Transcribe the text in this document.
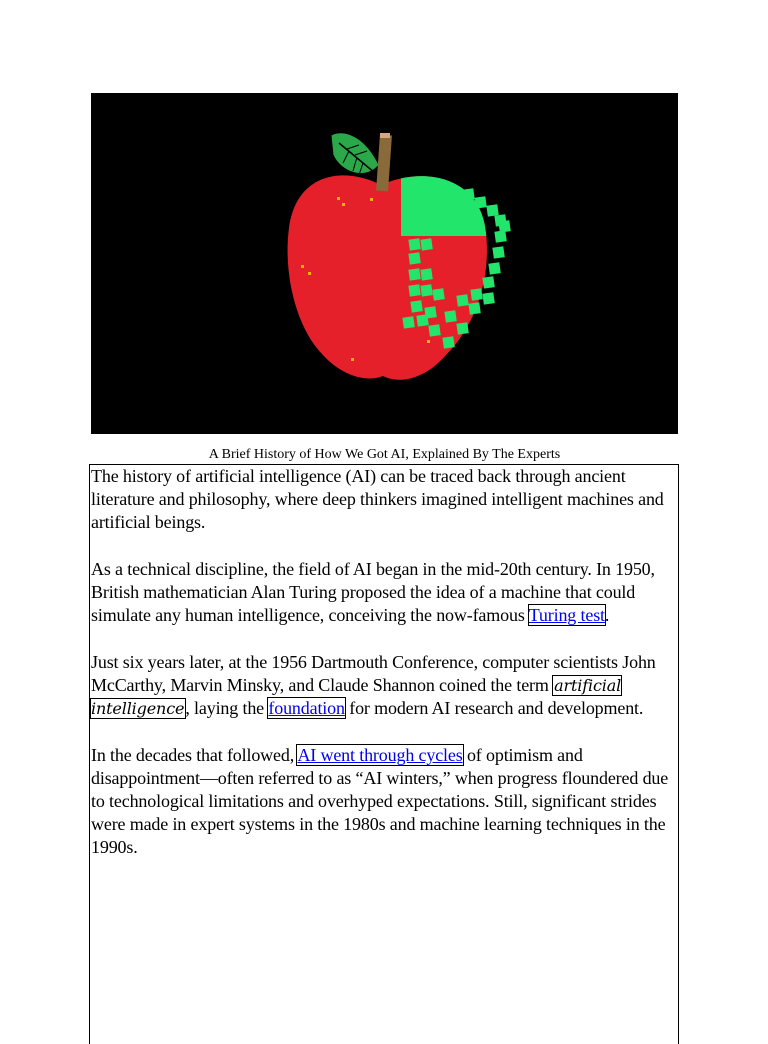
A Brief History of How We Got AI, Explained By The Experts

The history of artificial intelligence (AI) can be traced back through ancient literature and philosophy, where deep thinkers imagined intelligent machines and artificial beings.

As a technical discipline, the field of AI began in the mid-20th century. In 1950, British mathematician Alan Turing proposed the idea of a machine that could simulate any human intelligence, conceiving the now-famous Turing test.

Just six years later, at the 1956 Dartmouth Conference, computer scientists John McCarthy, Marvin Minsky, and Claude Shannon coined the term artificial intelligence, laying the foundation for modern AI research and development.

In the decades that followed, AI went through cycles of optimism and disappointment—often referred to as “AI winters,” when progress floundered due to technological limitations and overhyped expectations. Still, significant strides were made in expert systems in the 1980s and machine learning techniques in the 1990s.
